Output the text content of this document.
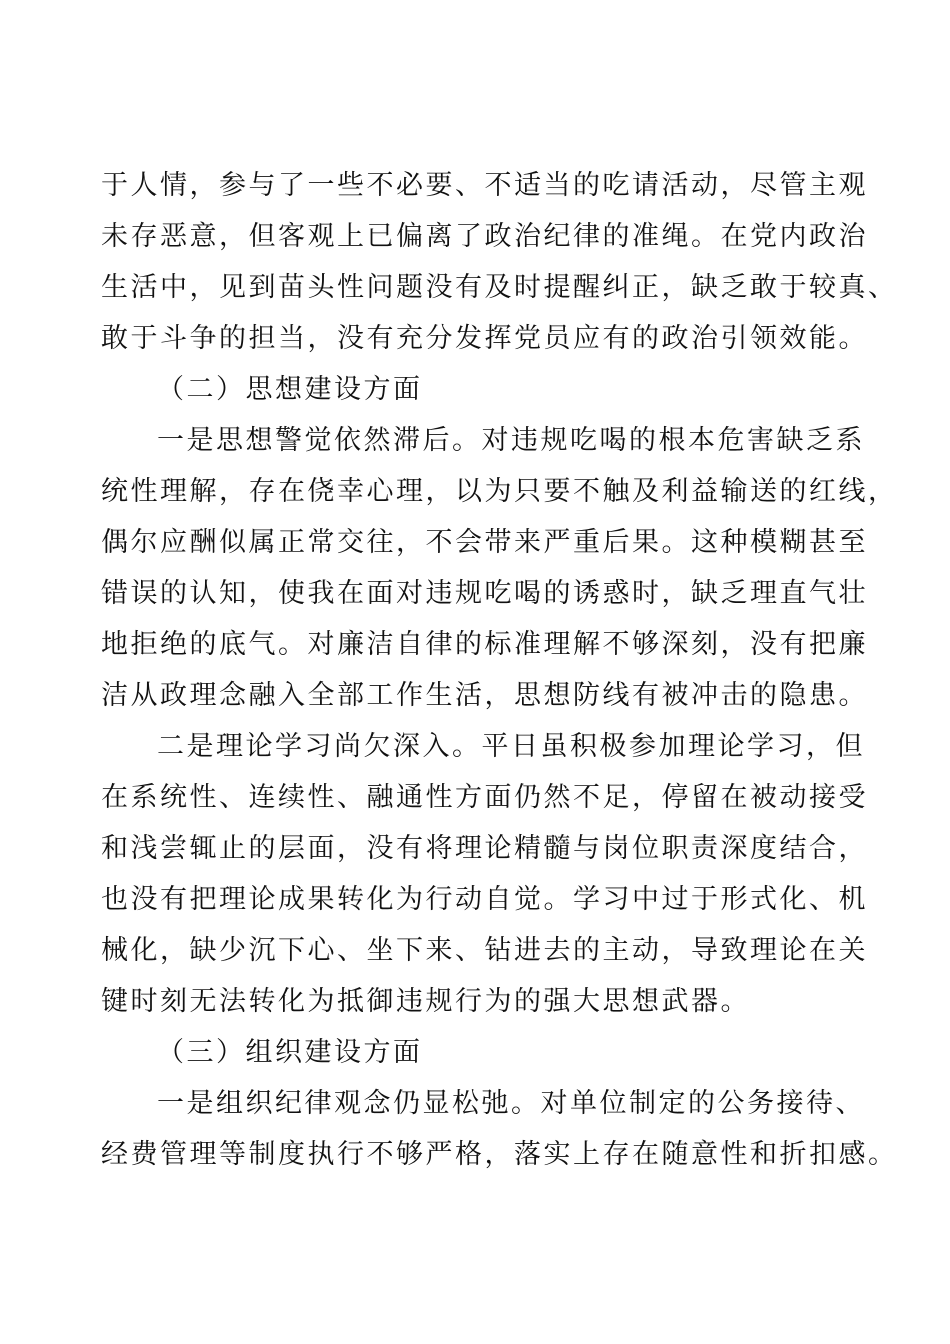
于人情，参与了一些不必要、不适当的吃请活动，尽管主观
未存恶意，但客观上已偏离了政治纪律的准绳。在党内政治
生活中，见到苗头性问题没有及时提醒纠正，缺乏敢于较真、
敢于斗争的担当，没有充分发挥党员应有的政治引领效能。
（二）思想建设方面
一是思想警觉依然滞后。对违规吃喝的根本危害缺乏系
统性理解，存在侥幸心理，以为只要不触及利益输送的红线，
偶尔应酬似属正常交往，不会带来严重后果。这种模糊甚至
错误的认知，使我在面对违规吃喝的诱惑时，缺乏理直气壮
地拒绝的底气。对廉洁自律的标准理解不够深刻，没有把廉
洁从政理念融入全部工作生活，思想防线有被冲击的隐患。
二是理论学习尚欠深入。平日虽积极参加理论学习，但
在系统性、连续性、融通性方面仍然不足，停留在被动接受
和浅尝辄止的层面，没有将理论精髓与岗位职责深度结合，
也没有把理论成果转化为行动自觉。学习中过于形式化、机
械化，缺少沉下心、坐下来、钻进去的主动，导致理论在关
键时刻无法转化为抵御违规行为的强大思想武器。
（三）组织建设方面
一是组织纪律观念仍显松弛。对单位制定的公务接待、
经费管理等制度执行不够严格，落实上存在随意性和折扣感。
